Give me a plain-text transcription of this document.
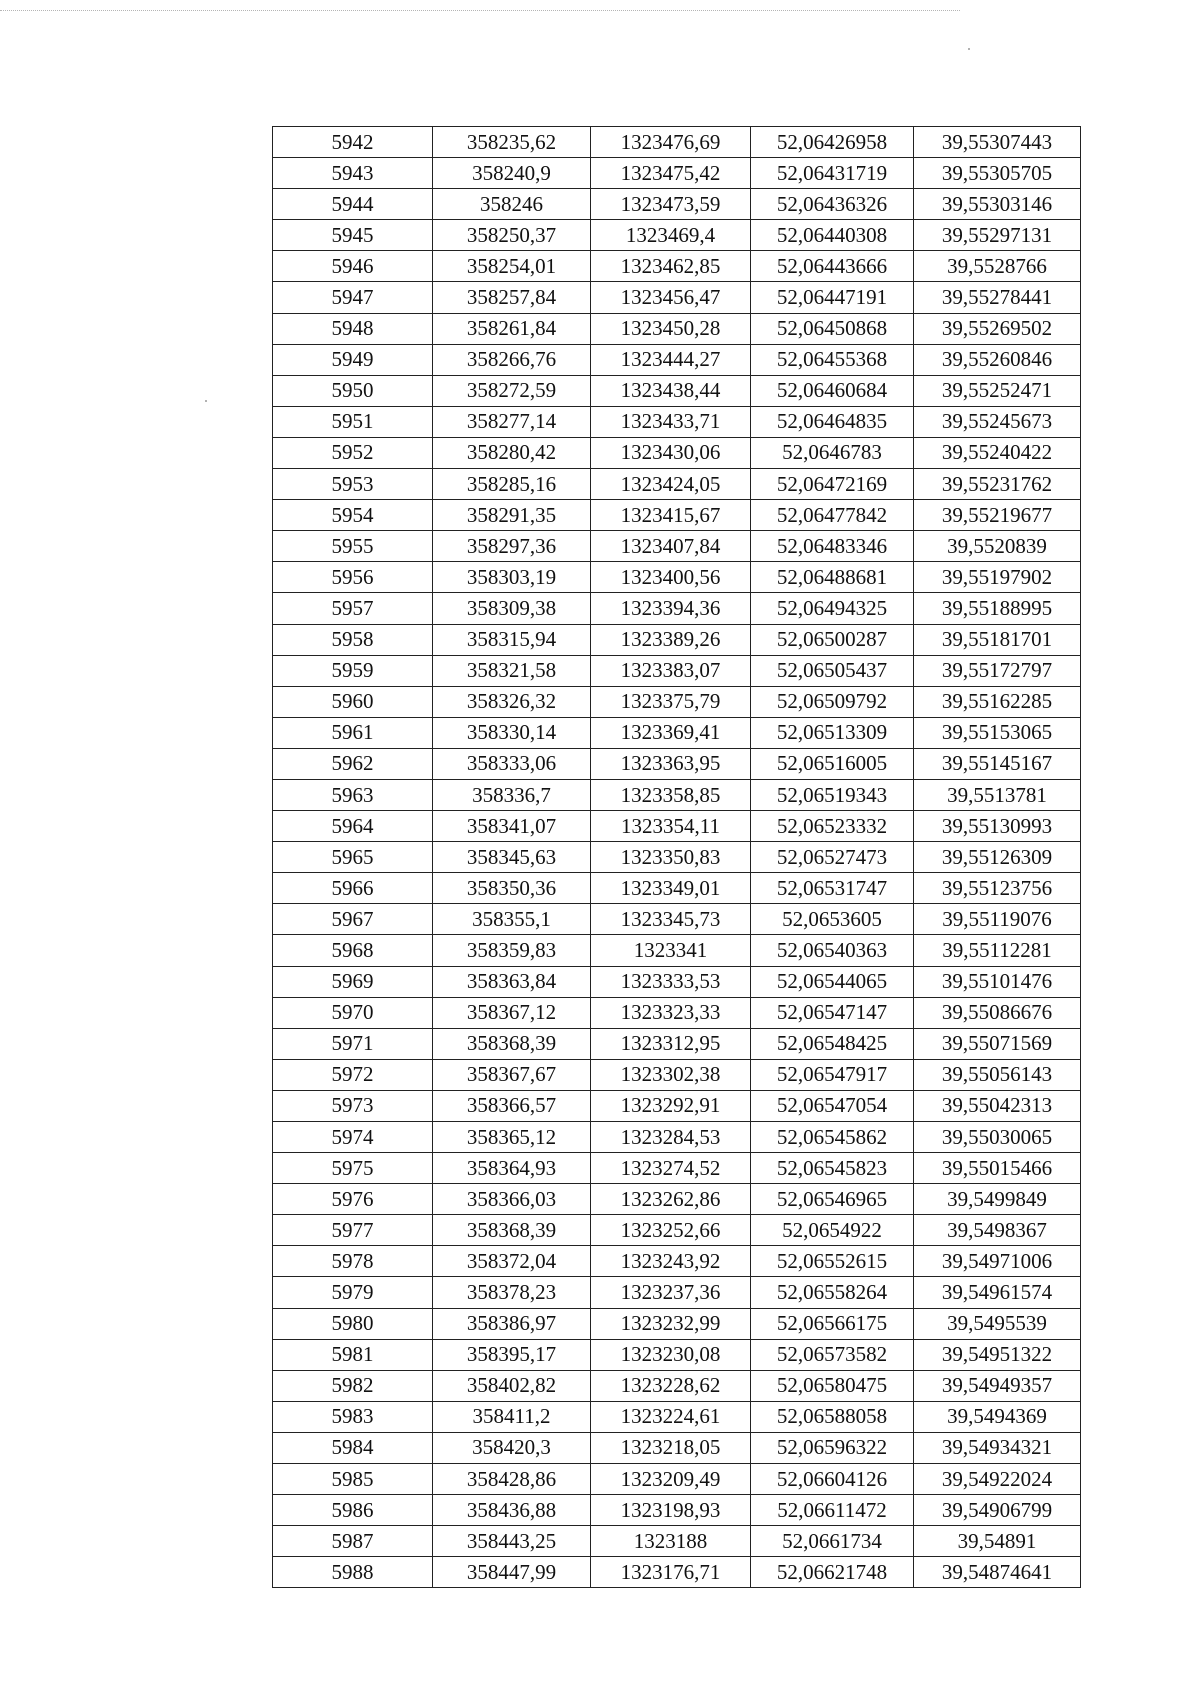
5942	358235,62	1323476,69	52,06426958	39,55307443
5943	358240,9	1323475,42	52,06431719	39,55305705
5944	358246	1323473,59	52,06436326	39,55303146
5945	358250,37	1323469,4	52,06440308	39,55297131
5946	358254,01	1323462,85	52,06443666	39,5528766
5947	358257,84	1323456,47	52,06447191	39,55278441
5948	358261,84	1323450,28	52,06450868	39,55269502
5949	358266,76	1323444,27	52,06455368	39,55260846
5950	358272,59	1323438,44	52,06460684	39,55252471
5951	358277,14	1323433,71	52,06464835	39,55245673
5952	358280,42	1323430,06	52,0646783	39,55240422
5953	358285,16	1323424,05	52,06472169	39,55231762
5954	358291,35	1323415,67	52,06477842	39,55219677
5955	358297,36	1323407,84	52,06483346	39,5520839
5956	358303,19	1323400,56	52,06488681	39,55197902
5957	358309,38	1323394,36	52,06494325	39,55188995
5958	358315,94	1323389,26	52,06500287	39,55181701
5959	358321,58	1323383,07	52,06505437	39,55172797
5960	358326,32	1323375,79	52,06509792	39,55162285
5961	358330,14	1323369,41	52,06513309	39,55153065
5962	358333,06	1323363,95	52,06516005	39,55145167
5963	358336,7	1323358,85	52,06519343	39,5513781
5964	358341,07	1323354,11	52,06523332	39,55130993
5965	358345,63	1323350,83	52,06527473	39,55126309
5966	358350,36	1323349,01	52,06531747	39,55123756
5967	358355,1	1323345,73	52,0653605	39,55119076
5968	358359,83	1323341	52,06540363	39,55112281
5969	358363,84	1323333,53	52,06544065	39,55101476
5970	358367,12	1323323,33	52,06547147	39,55086676
5971	358368,39	1323312,95	52,06548425	39,55071569
5972	358367,67	1323302,38	52,06547917	39,55056143
5973	358366,57	1323292,91	52,06547054	39,55042313
5974	358365,12	1323284,53	52,06545862	39,55030065
5975	358364,93	1323274,52	52,06545823	39,55015466
5976	358366,03	1323262,86	52,06546965	39,5499849
5977	358368,39	1323252,66	52,0654922	39,5498367
5978	358372,04	1323243,92	52,06552615	39,54971006
5979	358378,23	1323237,36	52,06558264	39,54961574
5980	358386,97	1323232,99	52,06566175	39,5495539
5981	358395,17	1323230,08	52,06573582	39,54951322
5982	358402,82	1323228,62	52,06580475	39,54949357
5983	358411,2	1323224,61	52,06588058	39,5494369
5984	358420,3	1323218,05	52,06596322	39,54934321
5985	358428,86	1323209,49	52,06604126	39,54922024
5986	358436,88	1323198,93	52,06611472	39,54906799
5987	358443,25	1323188	52,0661734	39,54891
5988	358447,99	1323176,71	52,06621748	39,54874641
